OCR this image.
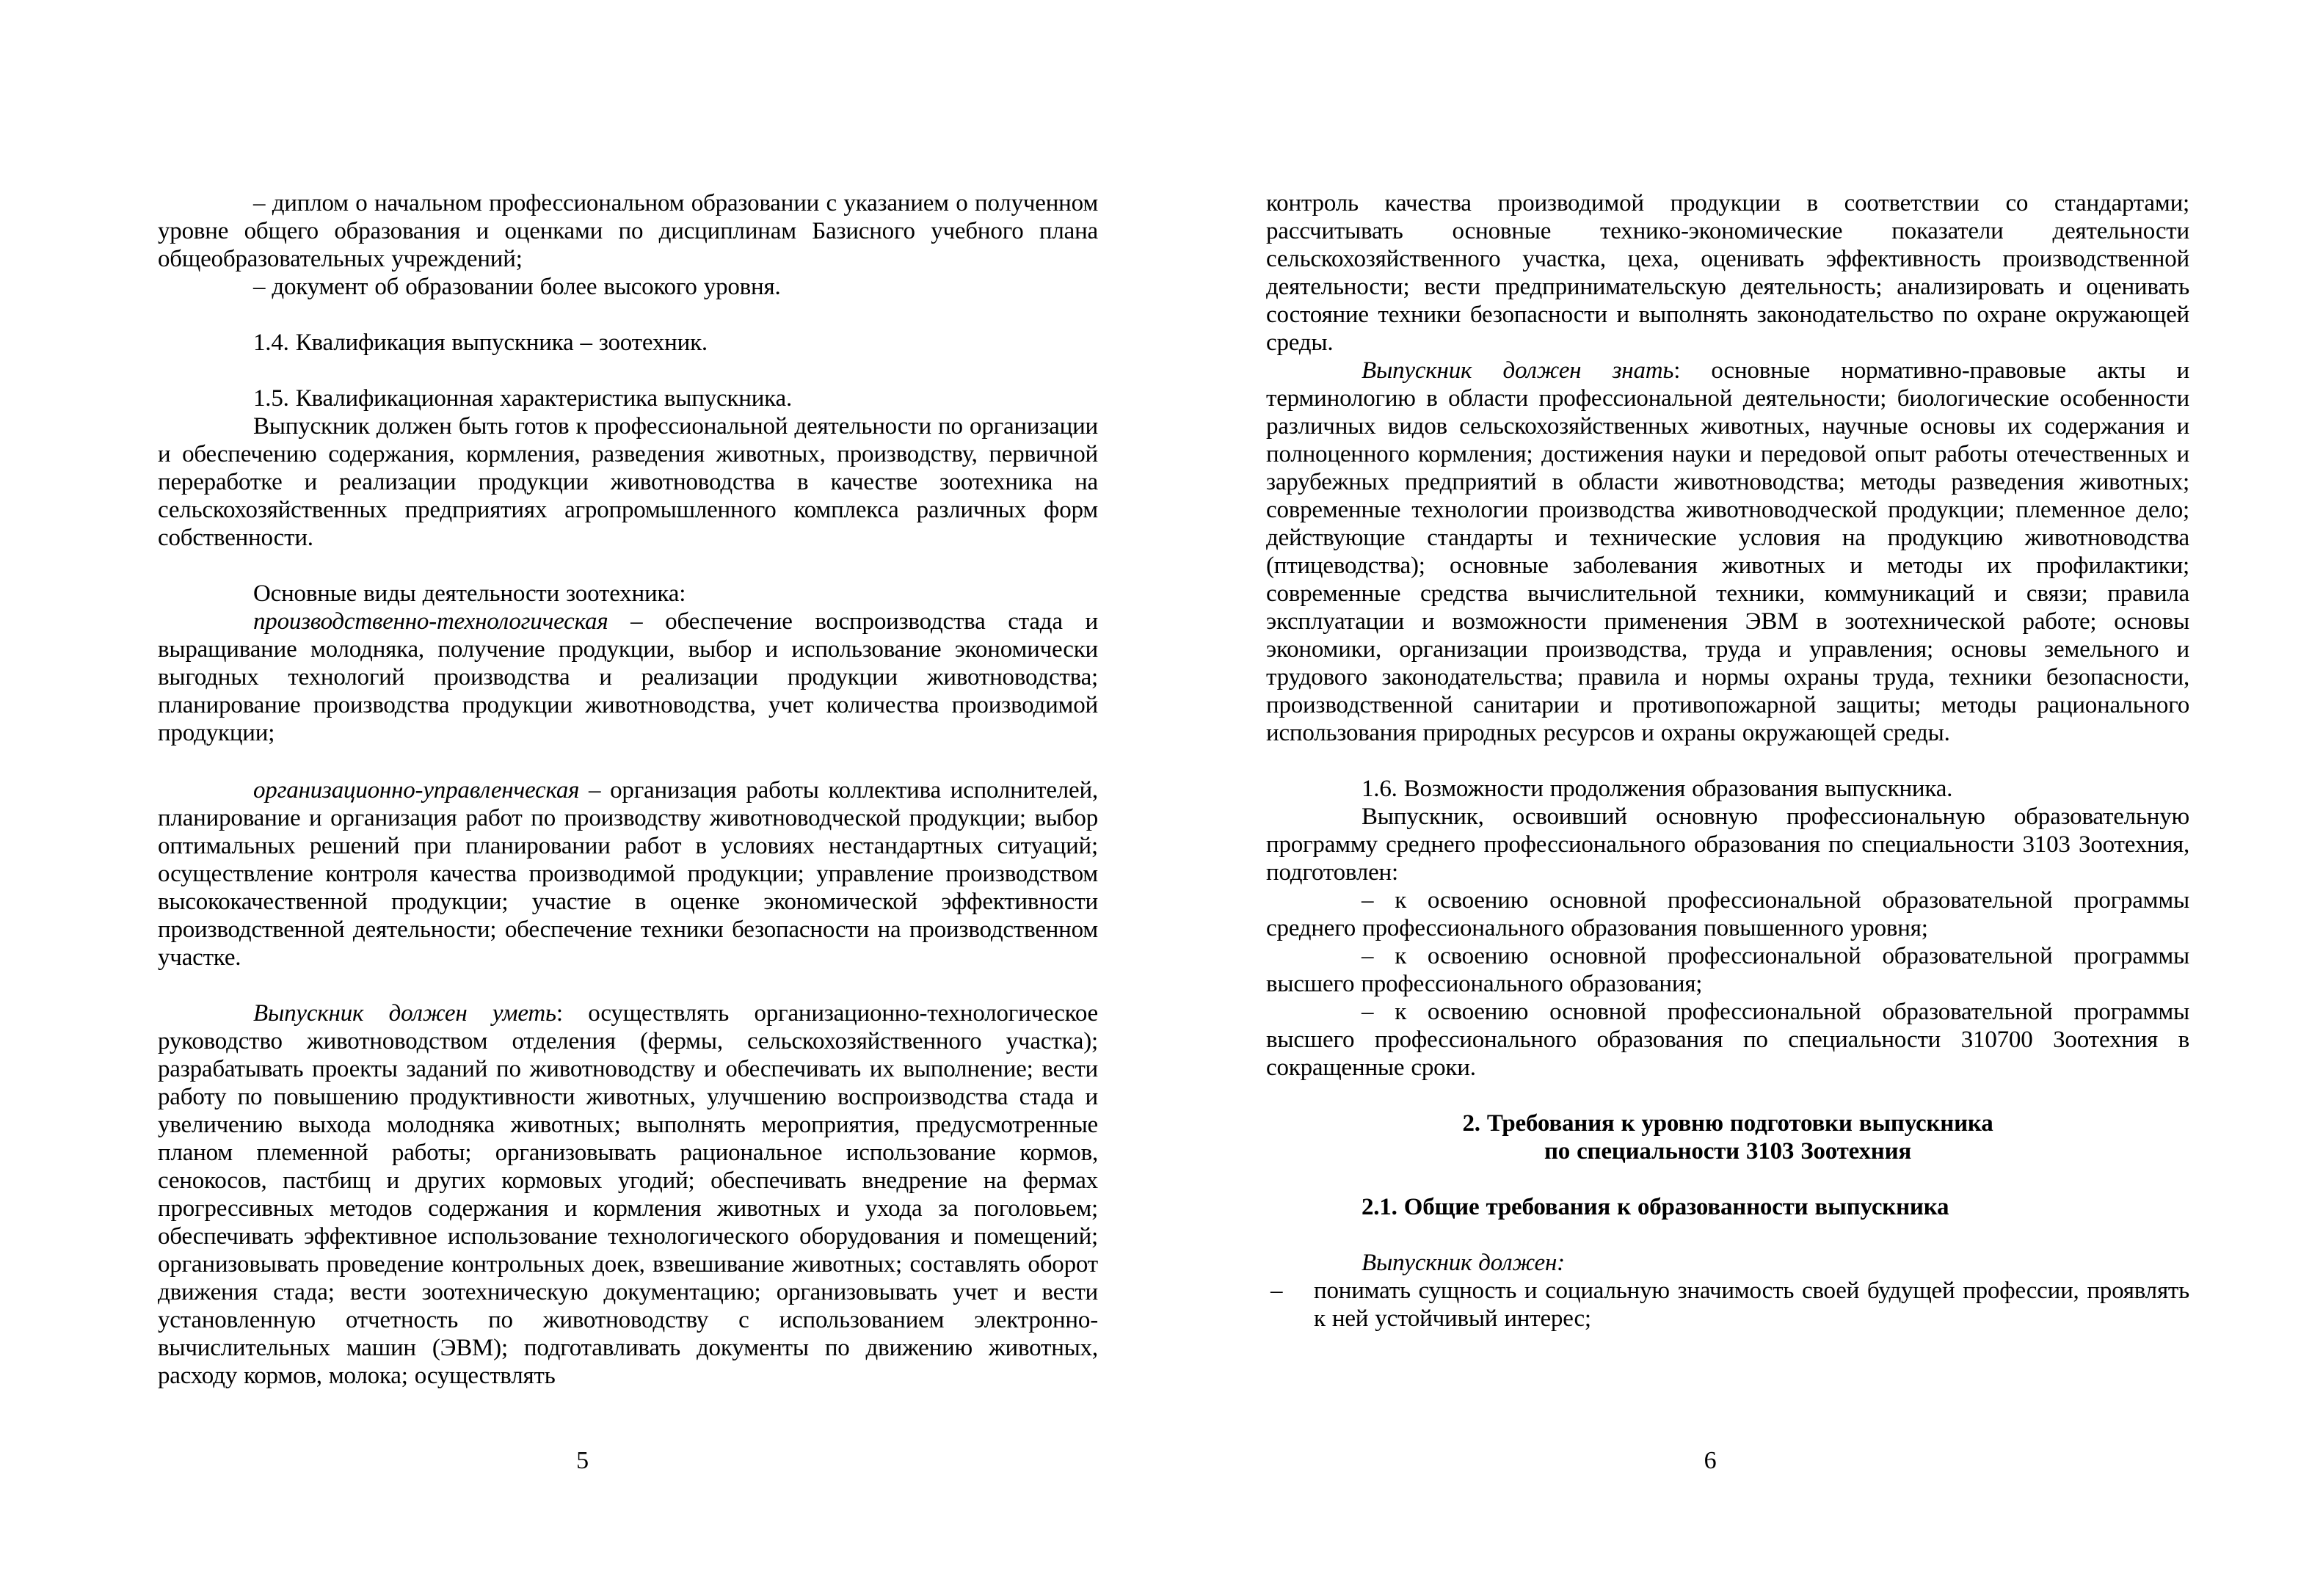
– диплом о начальном профессиональном образовании с указанием о полученном уровне общего образования и оценками по дисциплинам Базисного учебного плана общеобразовательных учреждений;

– документ об образовании более высокого уровня.

1.4. Квалификация выпускника – зоотехник.

1.5. Квалификационная характеристика выпускника.

Выпускник должен быть готов к профессиональной деятельности по организации и обеспечению содержания, кормления, разведения животных, производству, первичной переработке и реализации продукции животноводства в качестве зоотехника на сельскохозяйственных предприятиях агропромышленного комплекса различных форм собственности.

Основные виды деятельности зоотехника:

производственно-технологическая – обеспечение воспроизводства стада и выращивание молодняка, получение продукции, выбор и использование экономически выгодных технологий производства и реализации продукции животноводства; планирование производства продукции животноводства, учет количества производимой продукции;

организационно-управленческая – организация работы коллектива исполнителей, планирование и организация работ по производству животноводческой продукции; выбор оптимальных решений при планировании работ в условиях нестандартных ситуаций; осуществление контроля качества производимой продукции; управление производством высококачественной продукции; участие в оценке экономической эффективности производственной деятельности; обеспечение техники безопасности на производственном участке.

Выпускник должен уметь: осуществлять организационно-технологическое руководство животноводством отделения (фермы, сельскохозяйственного участка); разрабатывать проекты заданий по животноводству и обеспечивать их выполнение; вести работу по повышению продуктивности животных, улучшению воспроизводства стада и увеличению выхода молодняка животных; выполнять мероприятия, предусмотренные планом племенной работы; организовывать рациональное использование кормов, сенокосов, пастбищ и других кормовых угодий; обеспечивать внедрение на фермах прогрессивных методов содержания и кормления животных и ухода за поголовьем; обеспечивать эффективное использование технологического оборудования и помещений; организовывать проведение контрольных доек, взвешивание животных; составлять оборот движения стада; вести зоотехническую документацию; организовывать учет и вести установленную отчетность по животноводству с использованием электронно-вычислительных машин (ЭВМ); подготавливать документы по движению животных, расходу кормов, молока; осуществлять

5

контроль качества производимой продукции в соответствии со стандартами; рассчитывать основные технико-экономические показатели деятельности сельскохозяйственного участка, цеха, оценивать эффективность производственной деятельности; вести предпринимательскую деятельность; анализировать и оценивать состояние техники безопасности и выполнять законодательство по охране окружающей среды.

Выпускник должен знать: основные нормативно-правовые акты и терминологию в области профессиональной деятельности; биологические особенности различных видов сельскохозяйственных животных, научные основы их содержания и полноценного кормления; достижения науки и передовой опыт работы отечественных и зарубежных предприятий в области животноводства; методы разведения животных; современные технологии производства животноводческой продукции; племенное дело; действующие стандарты и технические условия на продукцию животноводства (птицеводства); основные заболевания животных и методы их профилактики; современные средства вычислительной техники, коммуникаций и связи; правила эксплуатации и возможности применения ЭВМ в зоотехнической работе; основы экономики, организации производства, труда и управления; основы земельного и трудового законодательства; правила и нормы охраны труда, техники безопасности, производственной санитарии и противопожарной защиты; методы рационального использования природных ресурсов и охраны окружающей среды.

1.6. Возможности продолжения образования выпускника.

Выпускник, освоивший основную профессиональную образовательную программу среднего профессионального образования по специальности 3103 Зоотехния, подготовлен:

– к освоению основной профессиональной образовательной программы среднего профессионального образования повышенного уровня;

– к освоению основной профессиональной образовательной программы высшего профессионального образования;

– к освоению основной профессиональной образовательной программы высшего профессионального образования по специальности 310700 Зоотехния в сокращенные сроки.

2. Требования к уровню подготовки выпускника

по специальности 3103 Зоотехния

2.1. Общие требования к образованности выпускника

Выпускник должен:

– понимать сущность и социальную значимость своей будущей профессии, проявлять к ней устойчивый интерес;
6
